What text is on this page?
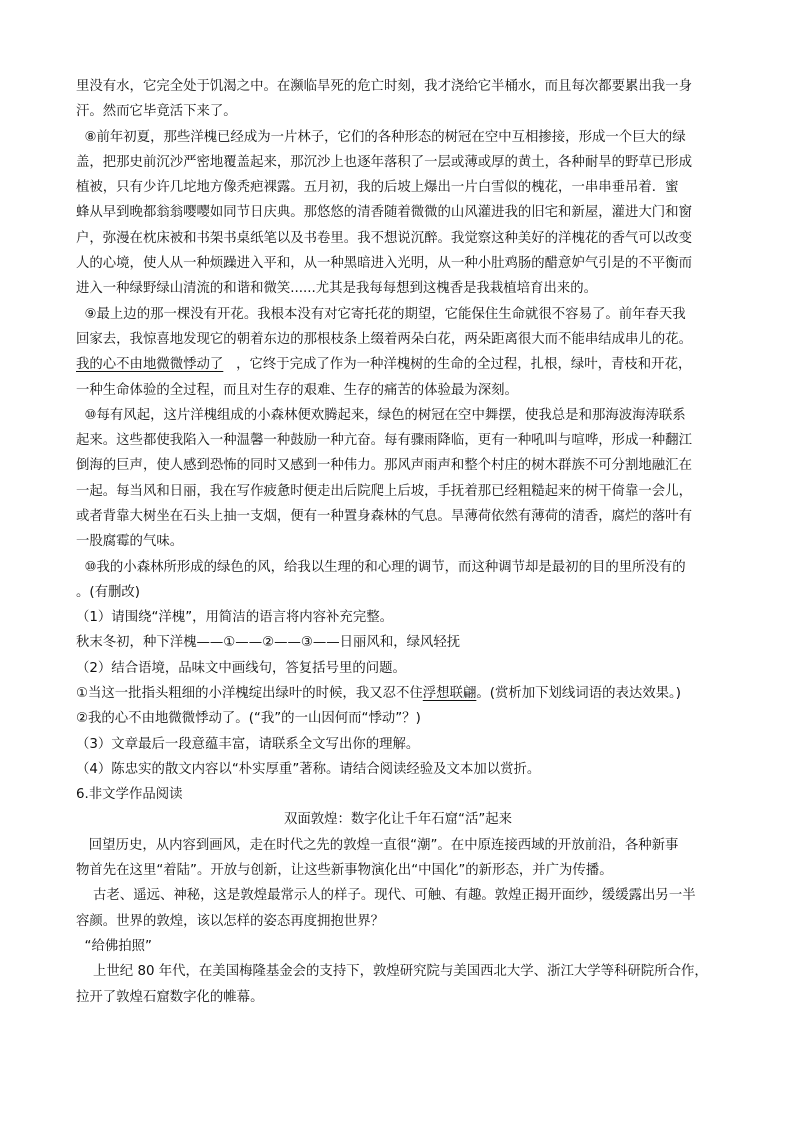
里没有水，它完全处于饥渴之中。在濒临旱死的危亡时刻，我才浇给它半桶水，而且每次都要累出我一身
汗。然而它毕竟活下来了。
⑧前年初夏，那些洋槐已经成为一片林子，它们的各种形态的树冠在空中互相掺接，形成一个巨大的绿
盖，把那史前沉沙严密地覆盖起来，那沉沙上也逐年落积了一层或薄或厚的黄土，各种耐旱的野草已形成
植被，只有少许几坨地方像秃疤裸露。五月初，我的后坡上爆出一片白雪似的槐花，一串串垂吊着．蜜
蜂从早到晚都翁翁嘤嘤如同节日庆典。那悠悠的清香随着微微的山风灌进我的旧宅和新屋，灌进大门和窗
户，弥漫在枕床被和书架书桌纸笔以及书卷里。我不想说沉醉。我觉察这种美好的洋槐花的香气可以改变
人的心境，使人从一种烦躁进入平和，从一种黑暗进入光明，从一种小肚鸡肠的醋意妒气引是的不平衡而
进入一种绿野绿山清流的和谐和微笑......尤其是我每每想到这槐香是我栽植培育出来的。
⑨最上边的那一棵没有开花。我根本没有对它寄托花的期望，它能保住生命就很不容易了。前年春天我
回家去，我惊喜地发现它的朝着东边的那根枝条上缀着两朵白花，两朵距离很大而不能串结成串儿的花。
我的心不由地微微悸动了   ，它终于完成了作为一种洋槐树的生命的全过程，扎根，绿叶，青枝和开花，
一种生命体验的全过程，而且对生存的艰难、生存的痛苦的体验最为深刻。
⑩每有风起，这片洋槐组成的小森林便欢腾起来，绿色的树冠在空中舞摆，使我总是和那海波海涛联系
起来。这些都使我陷入一种温馨一种鼓励一种亢奋。每有骤雨降临，更有一种吼叫与喧哗，形成一种翻江
倒海的巨声，使人感到恐怖的同时又感到一种伟力。那风声雨声和整个村庄的树木群族不可分割地融汇在
一起。每当风和日丽，我在写作疲惫时便走出后院爬上后坡，手抚着那已经粗糙起来的树干倚靠一会儿，
或者背靠大树坐在石头上抽一支烟，便有一种置身森林的气息。旱薄荷依然有薄荷的清香，腐烂的落叶有
一股腐霉的气味。
⑩我的小森林所形成的绿色的风，给我以生理的和心理的调节，而这种调节却是最初的目的里所没有的
。(有删改)
（1）请围绕“洋槐”，用简洁的语言将内容补充完整。
秋末冬初，种下洋槐——①——②——③——日丽风和，绿风轻抚
（2）结合语境，品味文中画线句，答复括号里的问题。
①当这一批指头粗细的小洋槐绽出绿叶的时候，我又忍不住浮想联翩。(赏析加下划线词语的表达效果。)
②我的心不由地微微悸动了。(“我”的一山因何而“悸动”？)
（3）文章最后一段意蕴丰富，请联系全文写出你的理解。
（4）陈忠实的散文内容以“朴实厚重”著称。请结合阅读经验及文本加以赏折。
6.非文学作品阅读
双面敦煌：数字化让千年石窟“活”起来
回望历史，从内容到画风，走在时代之先的敦煌一直很“潮”。在中原连接西域的开放前沿，各种新事
物首先在这里“着陆”。开放与创新，让这些新事物演化出“中国化”的新形态，并广为传播。
古老、遥远、神秘，这是敦煌最常示人的样子。现代、可触、有趣。敦煌正揭开面纱，缓缓露出另一半
容颜。世界的敦煌，该以怎样的姿态再度拥抱世界？
“给佛拍照”
上世纪 80 年代，在美国梅隆基金会的支持下，敦煌研究院与美国西北大学、浙江大学等科研院所合作，
拉开了敦煌石窟数字化的帷幕。
